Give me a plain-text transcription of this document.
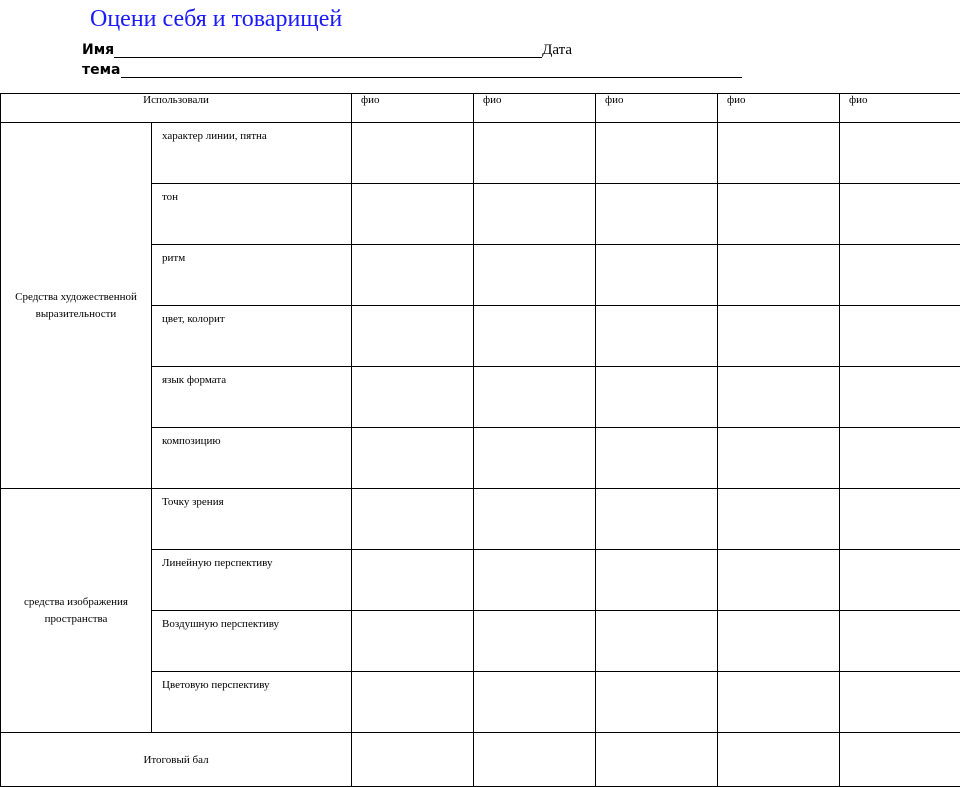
Оцени себя и товарищей
Имя	Дата
тема
Использовали		фио	фио	фио	фио	фио
Средства художественной выразительности	характер линии, пятна					
	тон					
	ритм					
	цвет, колорит					
	язык формата					
	композицию					
средства изображения пространства	Точку зрения					
	Линейную перспективу					
	Воздушную перспективу					
	Цветовую перспективу					
Итоговый бал						
